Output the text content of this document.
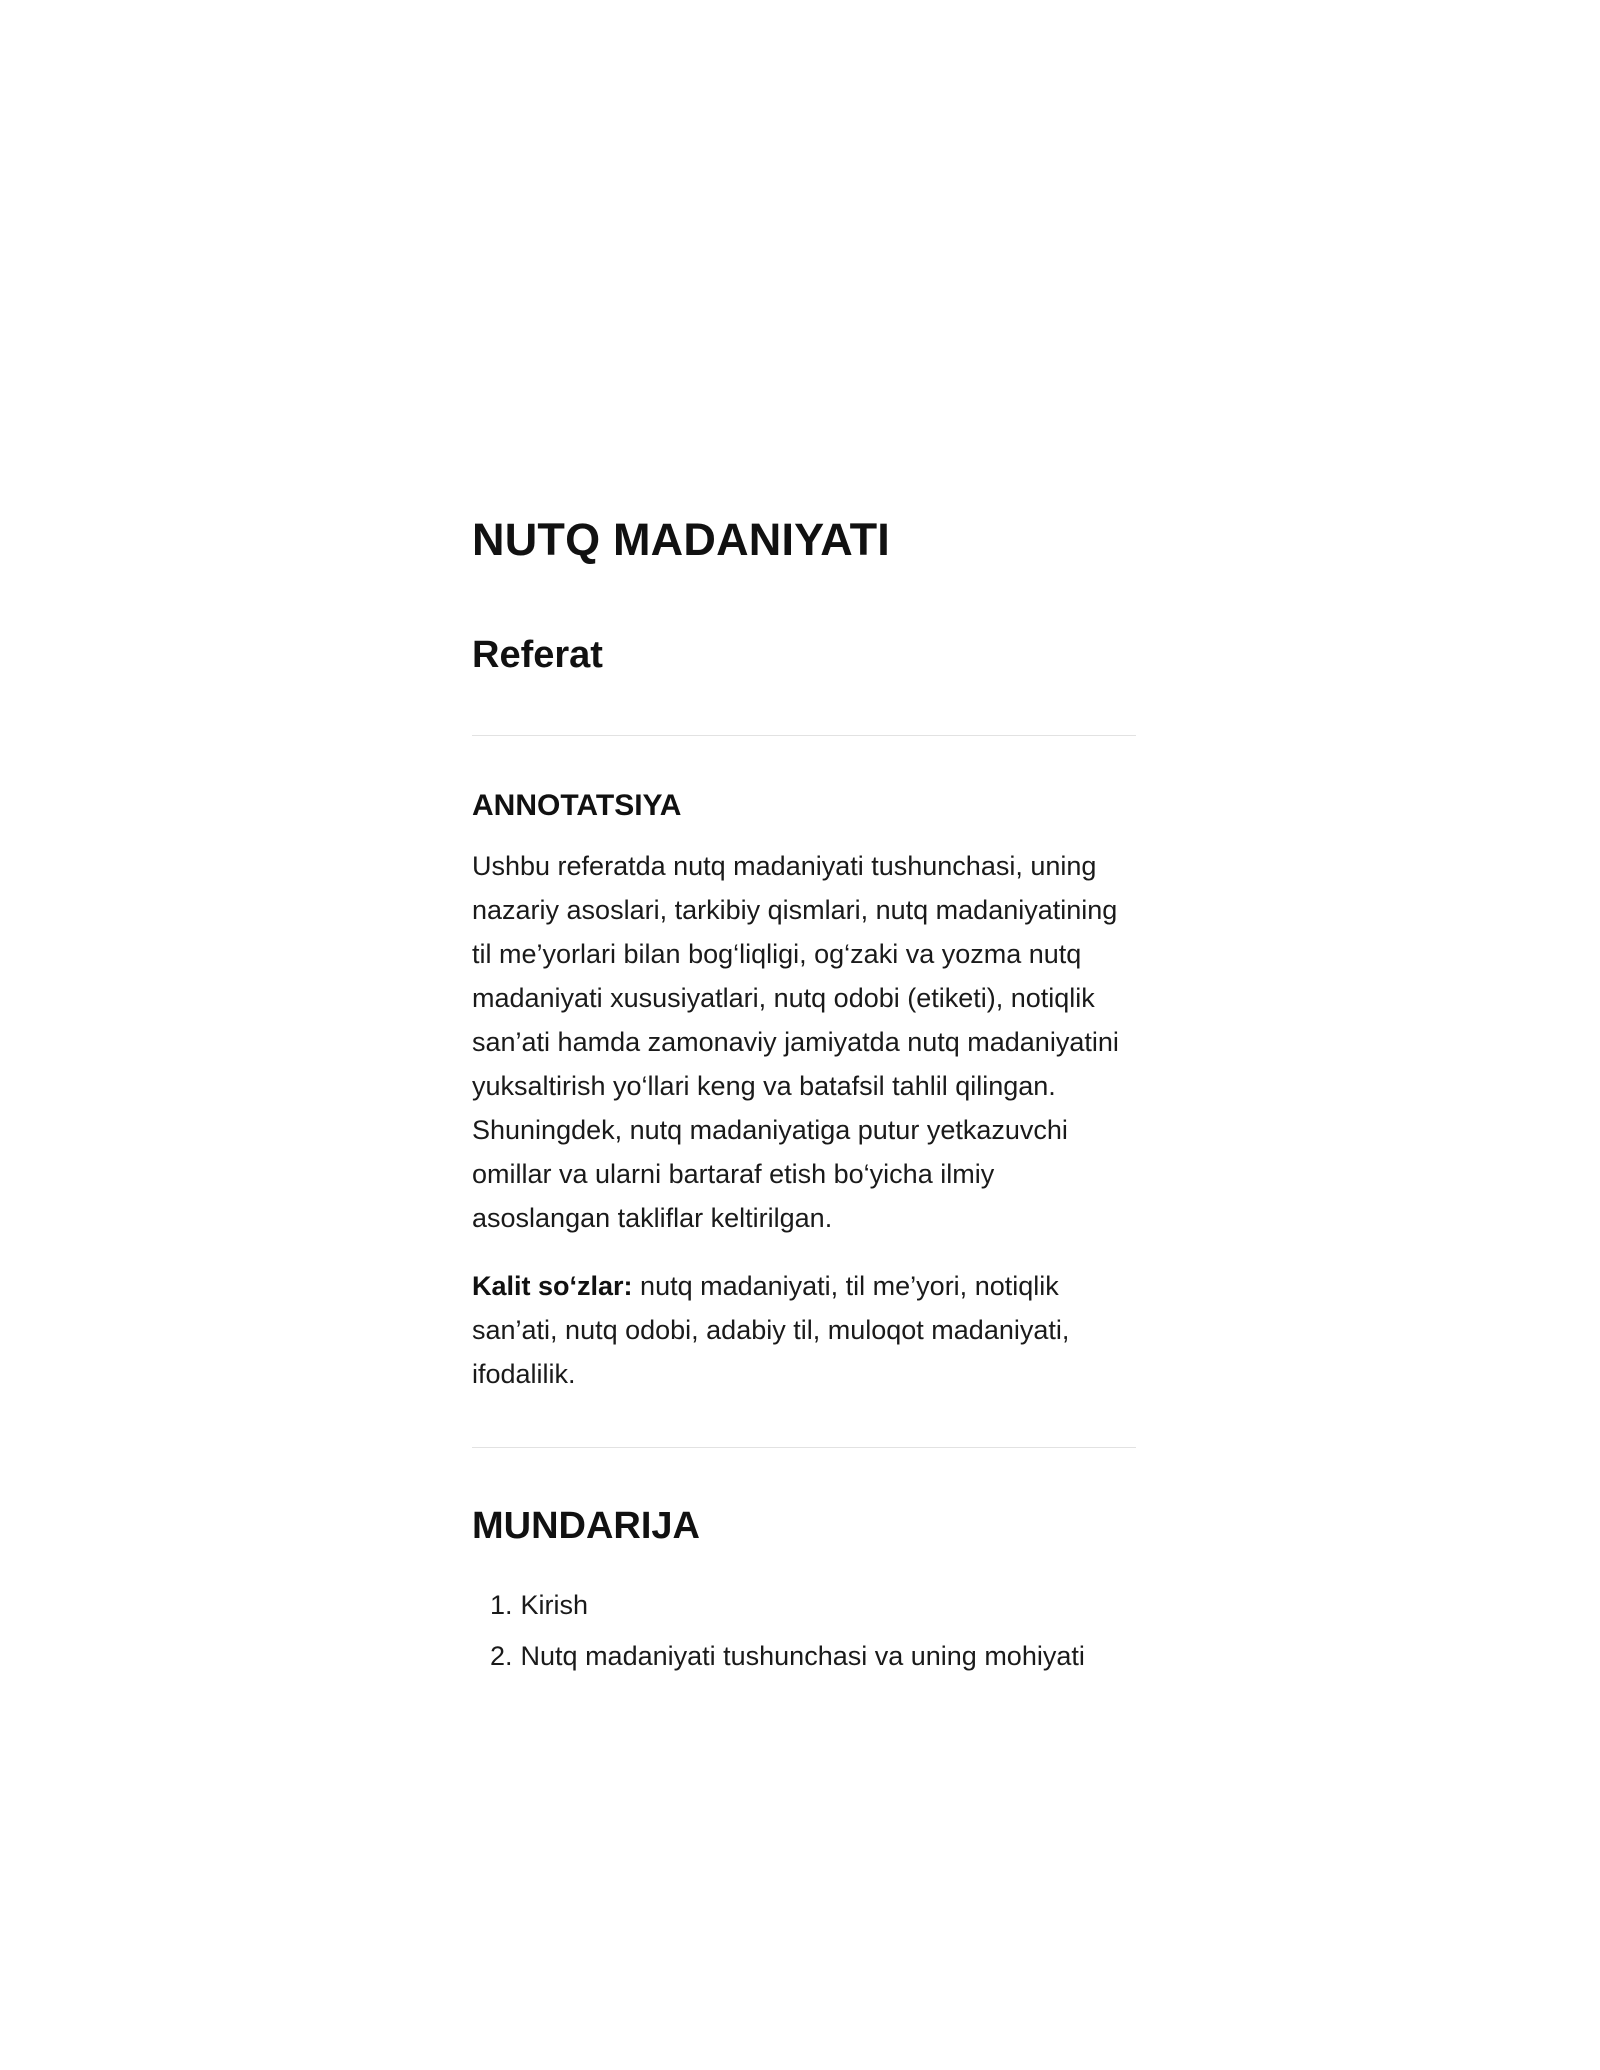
NUTQ MADANIYATI
Referat
ANNOTATSIYA

Ushbu referatda nutq madaniyati tushunchasi, uning nazariy asoslari, tarkibiy qismlari, nutq madaniyatining til me’yorlari bilan bog‘liqligi, og‘zaki va yozma nutq madaniyati xususiyatlari, nutq odobi (etiketi), notiqlik san’ati hamda zamonaviy jamiyatda nutq madaniyatini yuksaltirish yo‘llari keng va batafsil tahlil qilingan. Shuningdek, nutq madaniyatiga putur yetkazuvchi omillar va ularni bartaraf etish bo‘yicha ilmiy asoslangan takliflar keltirilgan.

Kalit so‘zlar: nutq madaniyati, til me’yori, notiqlik san’ati, nutq odobi, adabiy til, muloqot madaniyati, ifodalilik.

MUNDARIJA
1. Kirish
2. Nutq madaniyati tushunchasi va uning mohiyati
